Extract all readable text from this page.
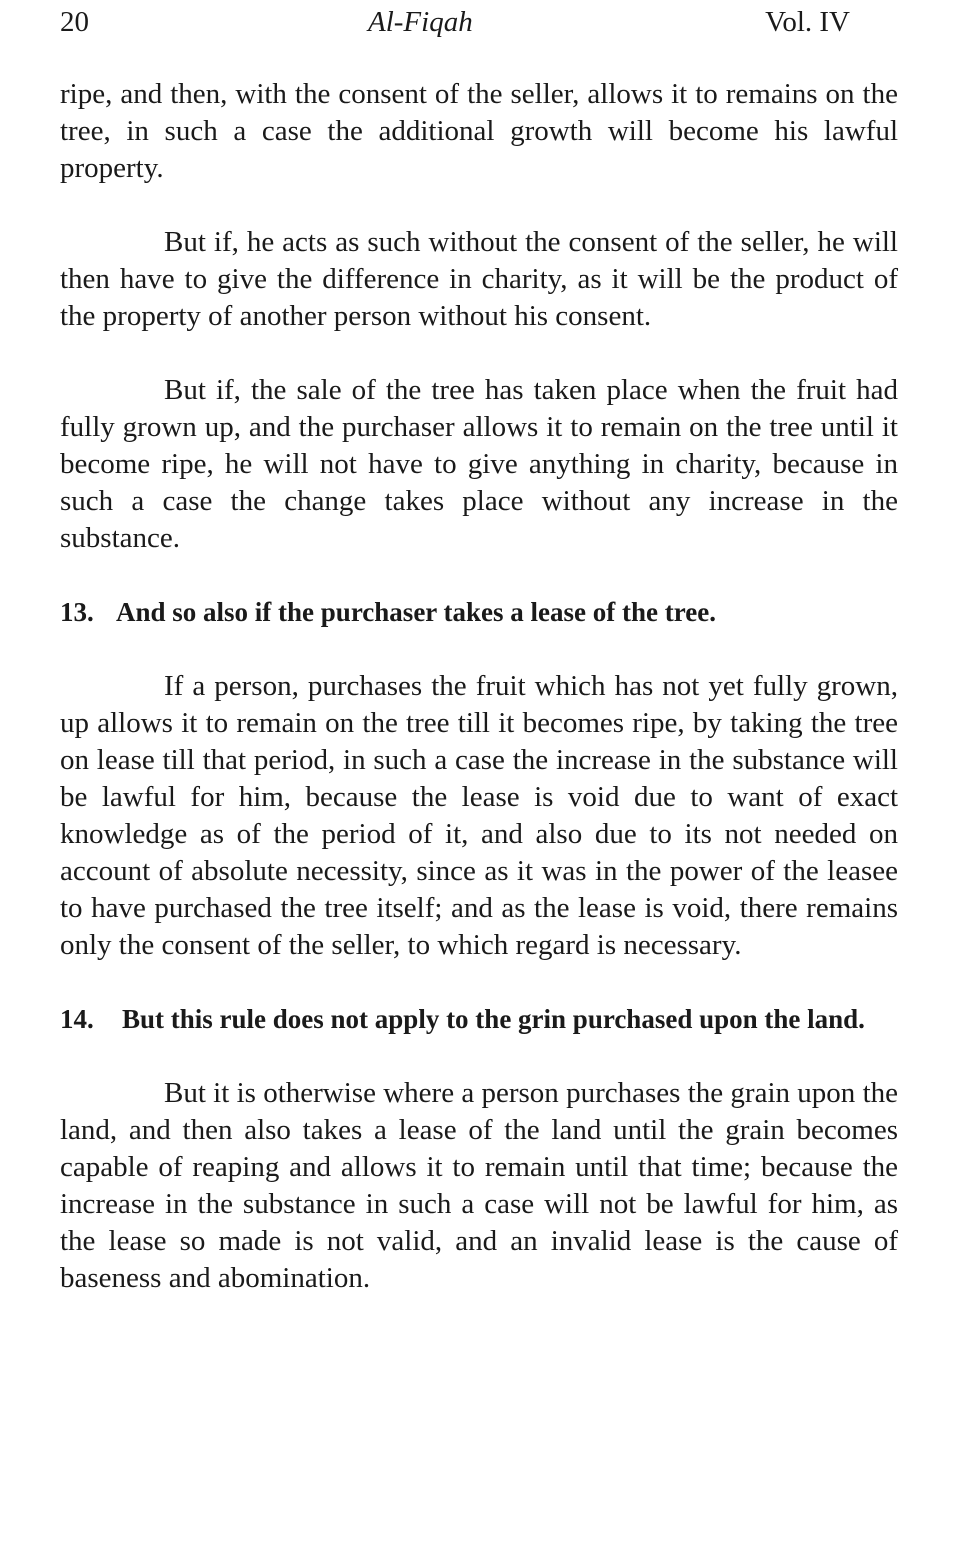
20	Al-Fiqah	Vol. IV

ripe, and then, with the consent of the seller, allows it to remains on the tree, in such a case the additional growth will become his lawful property.

But if, he acts as such without the consent of the seller, he will then have to give the difference in charity, as it will be the product of the property of another person without his consent.

But if, the sale of the tree has taken place when the fruit had fully grown up, and the purchaser allows it to remain on the tree until it become ripe, he will not have to give anything in charity, because in such a case the change takes place without any increase in the substance.

13. And so also if the purchaser takes a lease of the tree.

If a person, purchases the fruit which has not yet fully grown, up allows it to remain on the tree till it becomes ripe, by taking the tree on lease till that period, in such a case the increase in the substance will be lawful for him, because the lease is void due to want of exact knowledge as of the period of it, and also due to its not needed on account of absolute necessity, since as it was in the power of the leasee to have purchased the tree itself; and as the lease is void, there remains only the consent of the seller, to which regard is necessary.

14.	But this rule does not apply to the grin purchased upon the land.

But it is otherwise where a person purchases the grain upon the land, and then also takes a lease of the land until the grain becomes capable of reaping and allows it to remain until that time; because the increase in the substance in such a case will not be lawful for him, as the lease so made is not valid, and an invalid lease is the cause of baseness and abomination.
